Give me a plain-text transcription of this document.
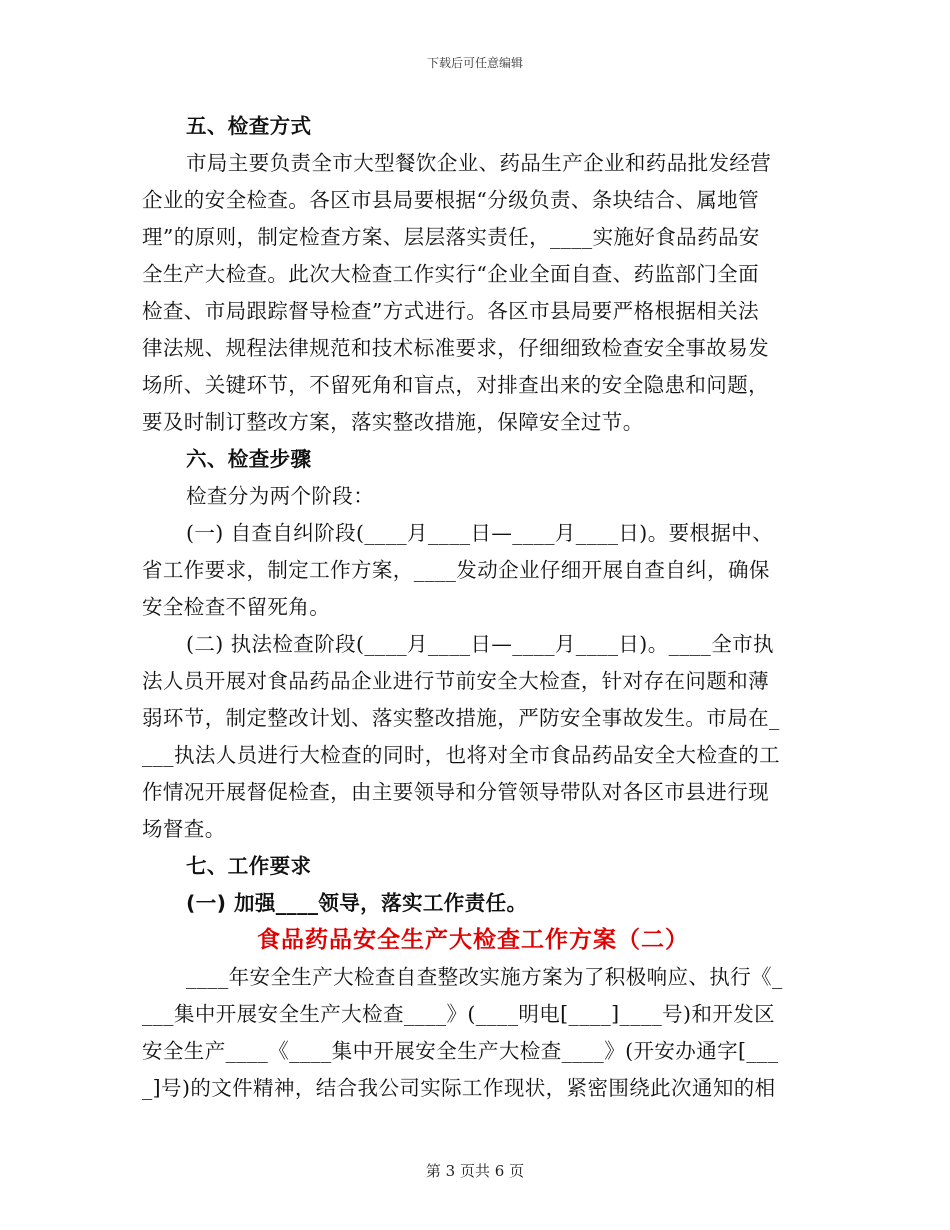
下载后可任意编辑
五、检查方式
市局主要负责全市大型餐饮企业、药品生产企业和药品批发经营
企业的安全检查。各区市县局要根据“分级负责、条块结合、属地管
理”的原则，制定检查方案、层层落实责任，____实施好食品药品安
全生产大检查。此次大检查工作实行“企业全面自查、药监部门全面
检查、市局跟踪督导检查”方式进行。各区市县局要严格根据相关法
律法规、规程法律规范和技术标准要求，仔细细致检查安全事故易发
场所、关键环节，不留死角和盲点，对排查出来的安全隐患和问题，
要及时制订整改方案，落实整改措施，保障安全过节。
六、检查步骤
检查分为两个阶段：
(一) 自查自纠阶段(____月____日—____月____日)。要根据中、
省工作要求，制定工作方案，____发动企业仔细开展自查自纠，确保
安全检查不留死角。
(二) 执法检查阶段(____月____日—____月____日)。____全市执
法人员开展对食品药品企业进行节前安全大检查，针对存在问题和薄
弱环节，制定整改计划、落实整改措施，严防安全事故发生。市局在_
___执法人员进行大检查的同时，也将对全市食品药品安全大检查的工
作情况开展督促检查，由主要领导和分管领导带队对各区市县进行现
场督查。
七、工作要求
(一) 加强____领导，落实工作责任。
食品药品安全生产大检查工作方案（二）
____年安全生产大检查自查整改实施方案为了积极响应、执行《_
___集中开展安全生产大检查____》(____明电[____]____号)和开发区
安全生产____《____集中开展安全生产大检查____》(开安办通字[___
_]号)的文件精神，结合我公司实际工作现状，紧密围绕此次通知的相
第 3 页共 6 页
